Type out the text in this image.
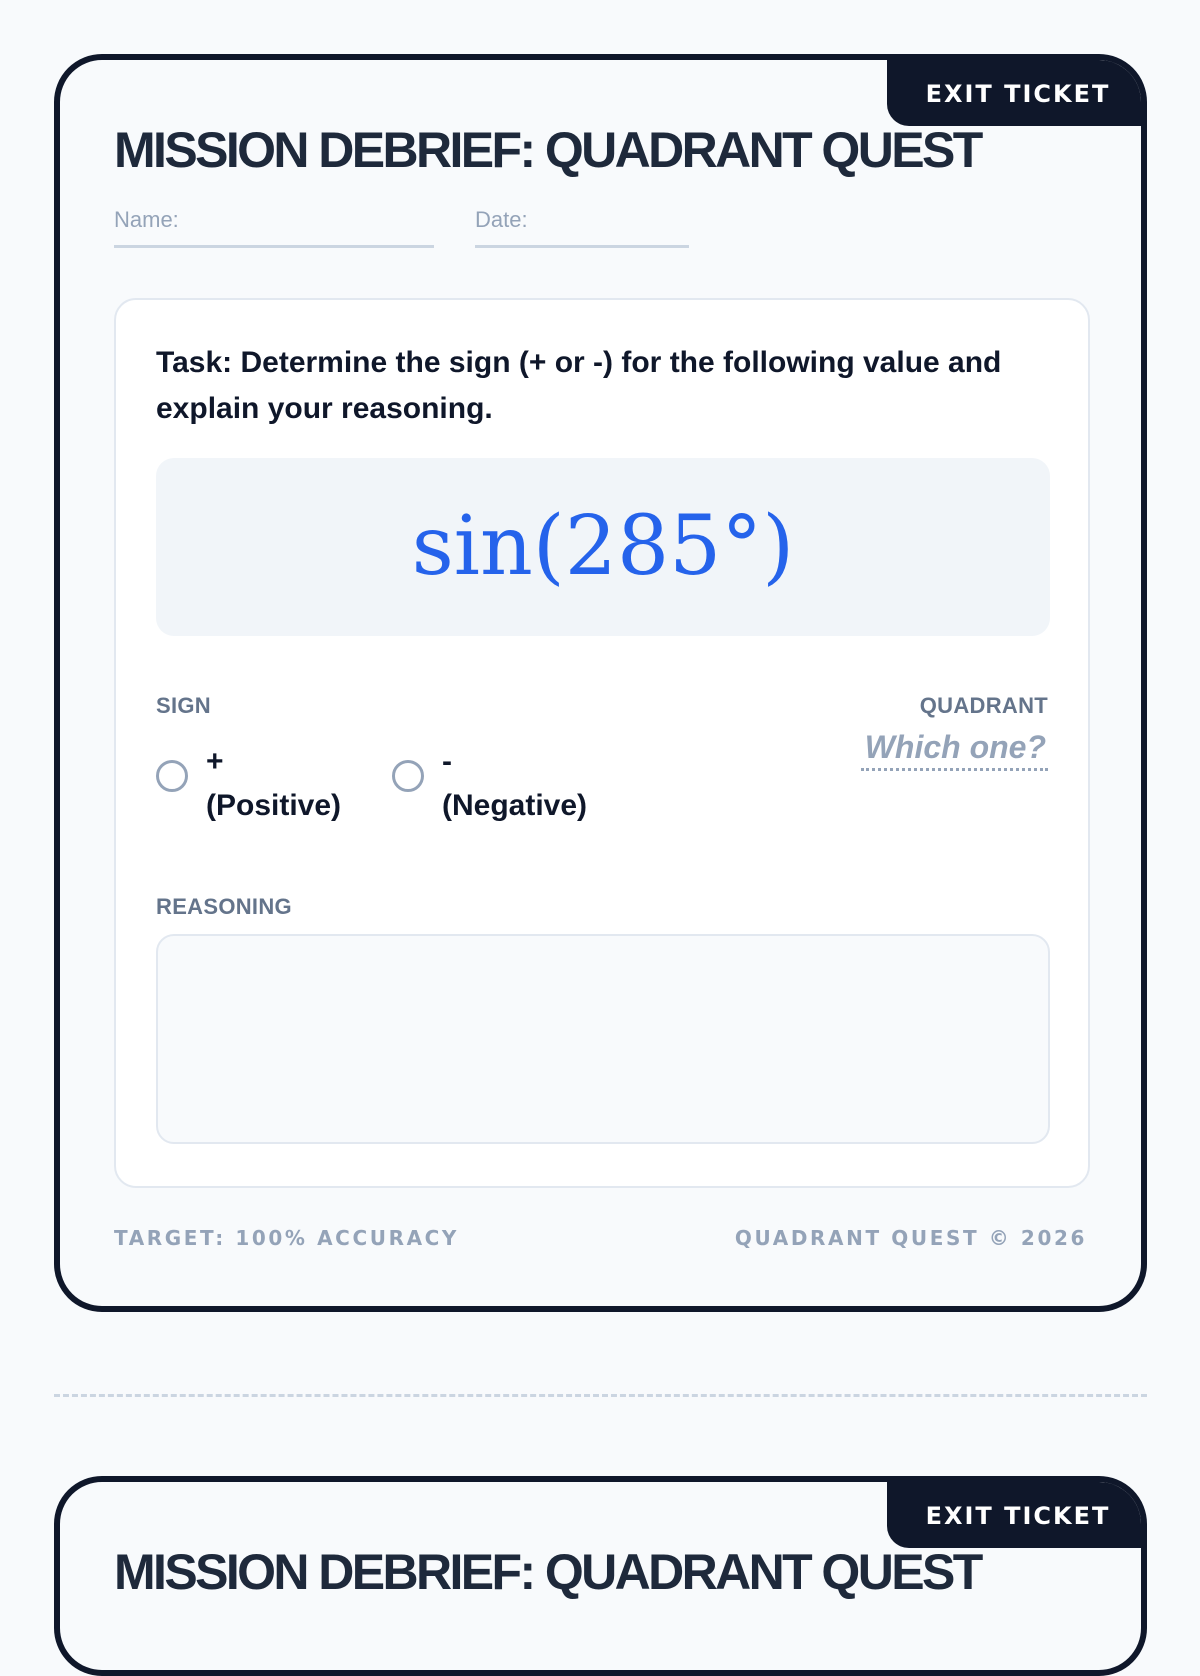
EXIT TICKET
MISSION DEBRIEF: QUADRANT QUEST
Name:	Date:

Task: Determine the sign (+ or -) for the following value and explain your reasoning.

sin(285°)
SIGN	QUADRANT
+
(Positive)
-
(Negative)
Which one?
REASONING
TARGET: 100% ACCURACY	QUADRANT QUEST © 2026
EXIT TICKET
MISSION DEBRIEF: QUADRANT QUEST
